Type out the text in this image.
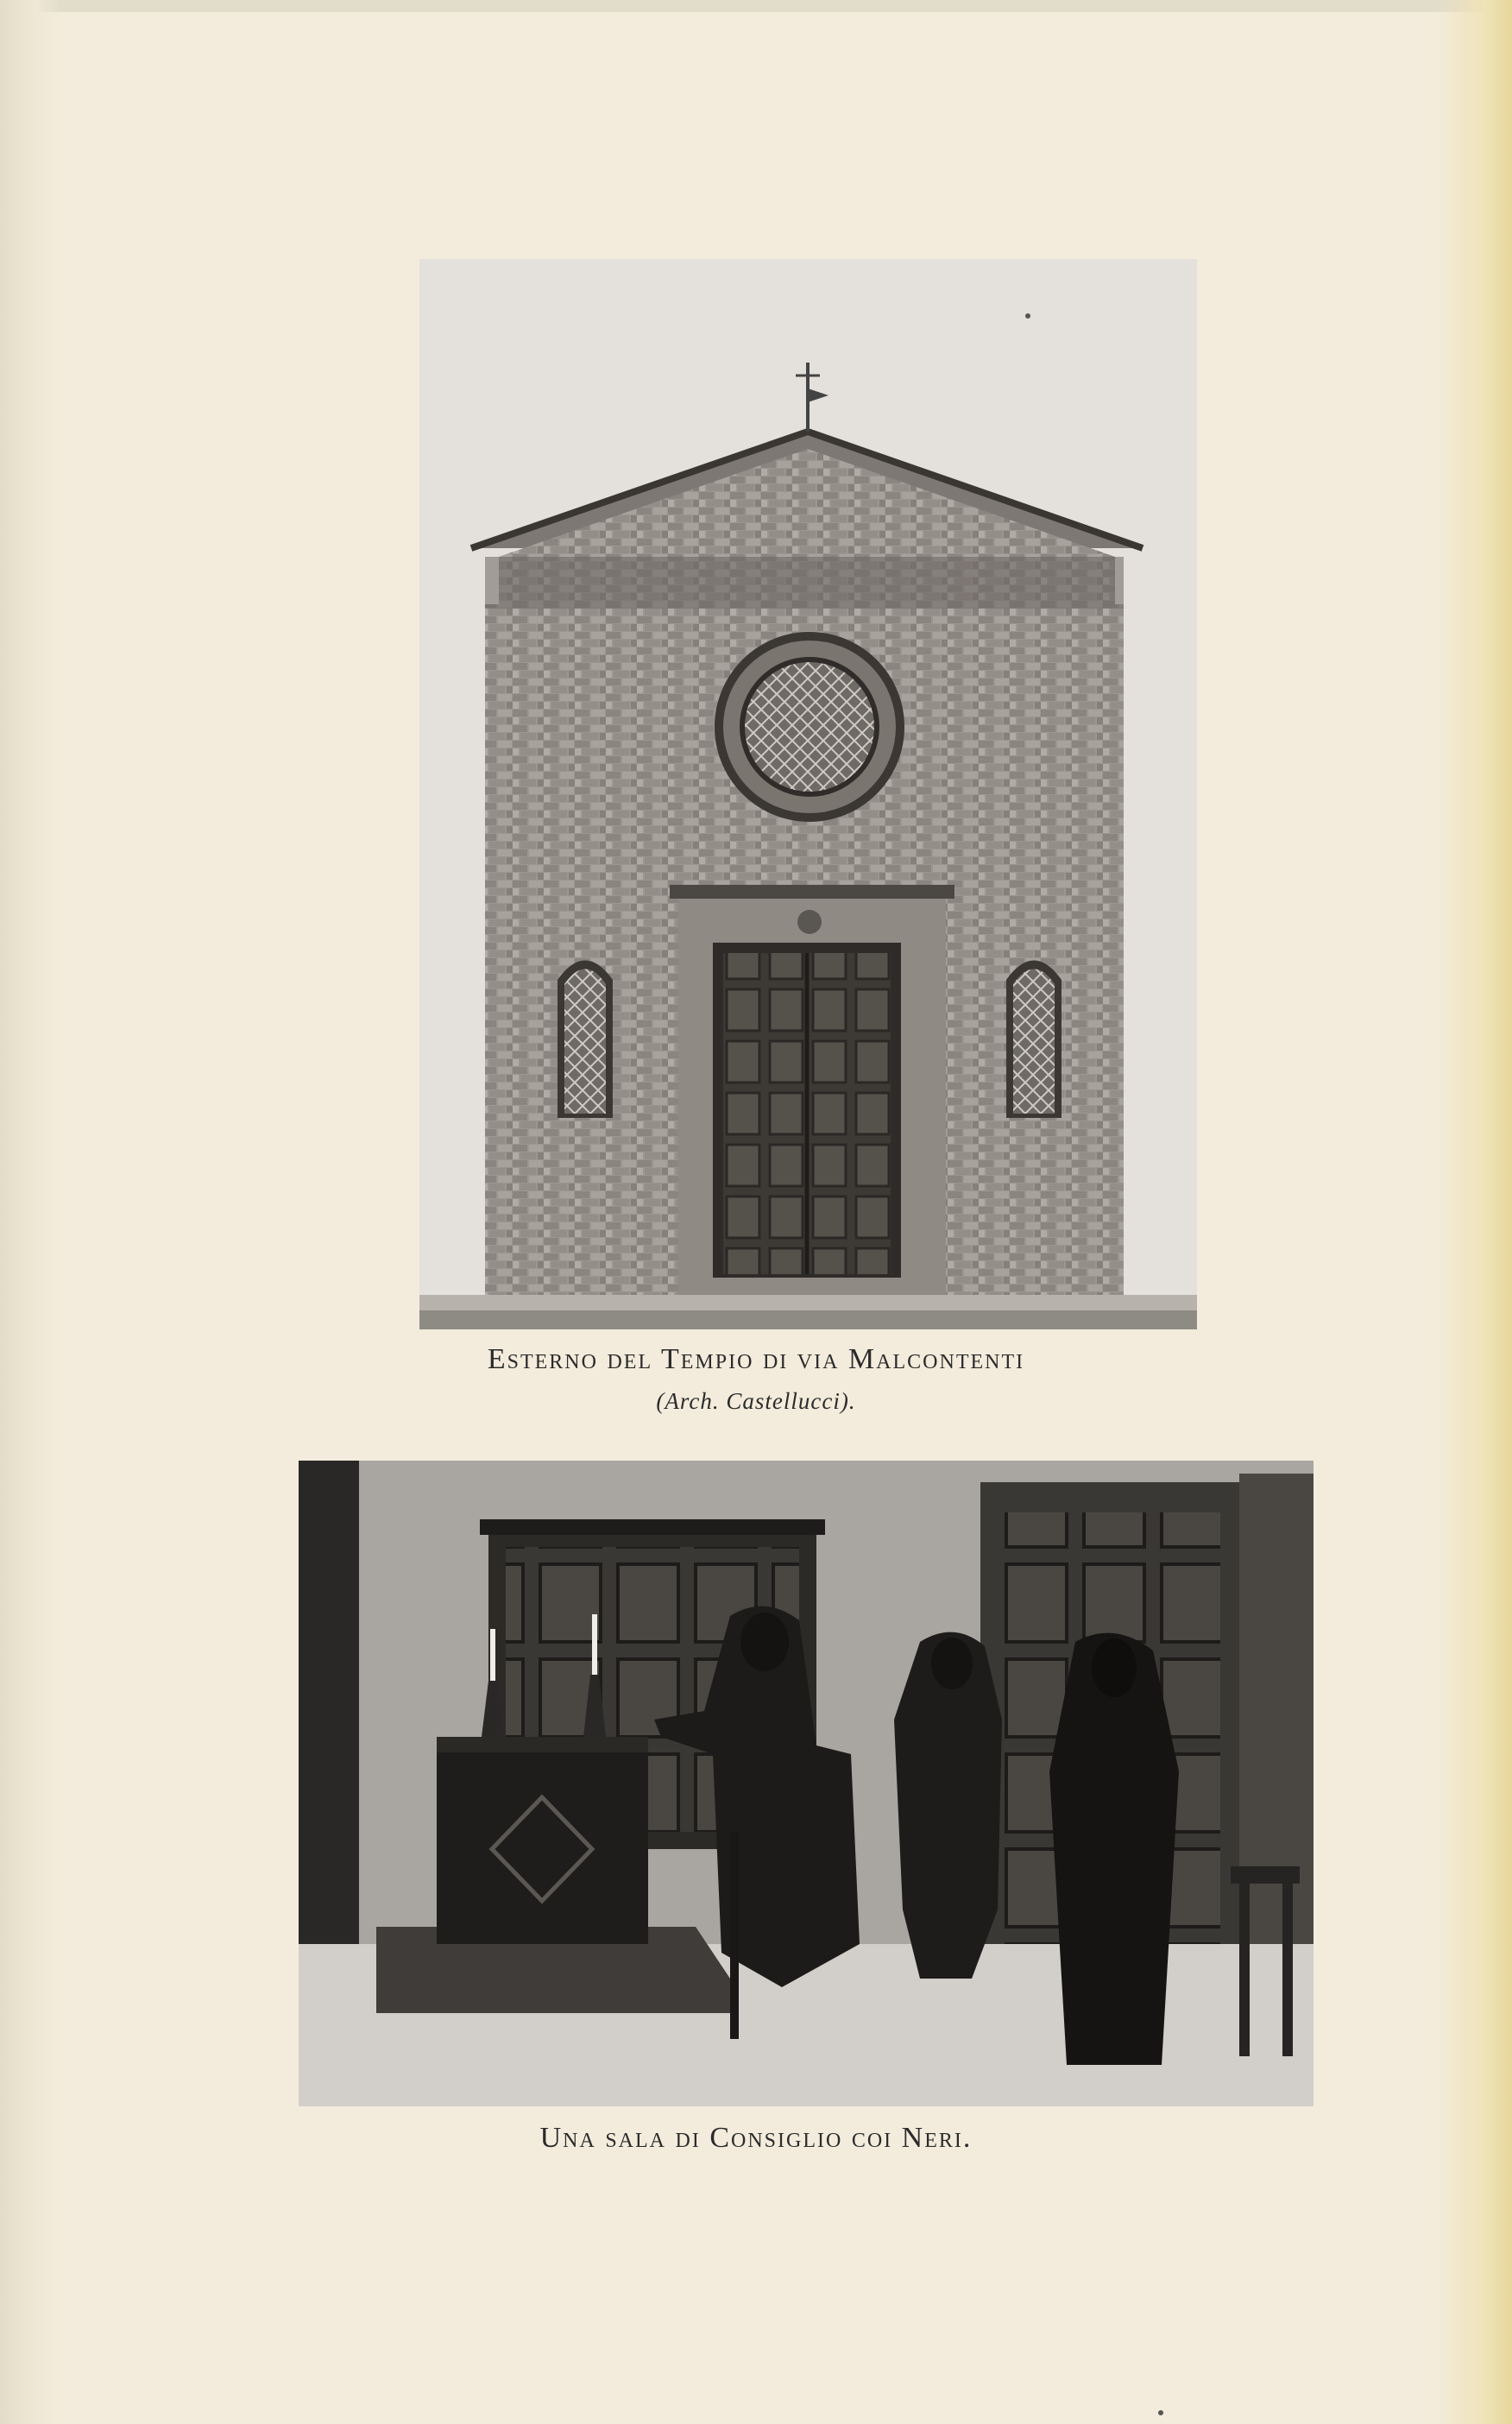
Esterno del Tempio di via Malcontenti
(Arch. Castellucci).
Una sala di Consiglio coi Neri.
